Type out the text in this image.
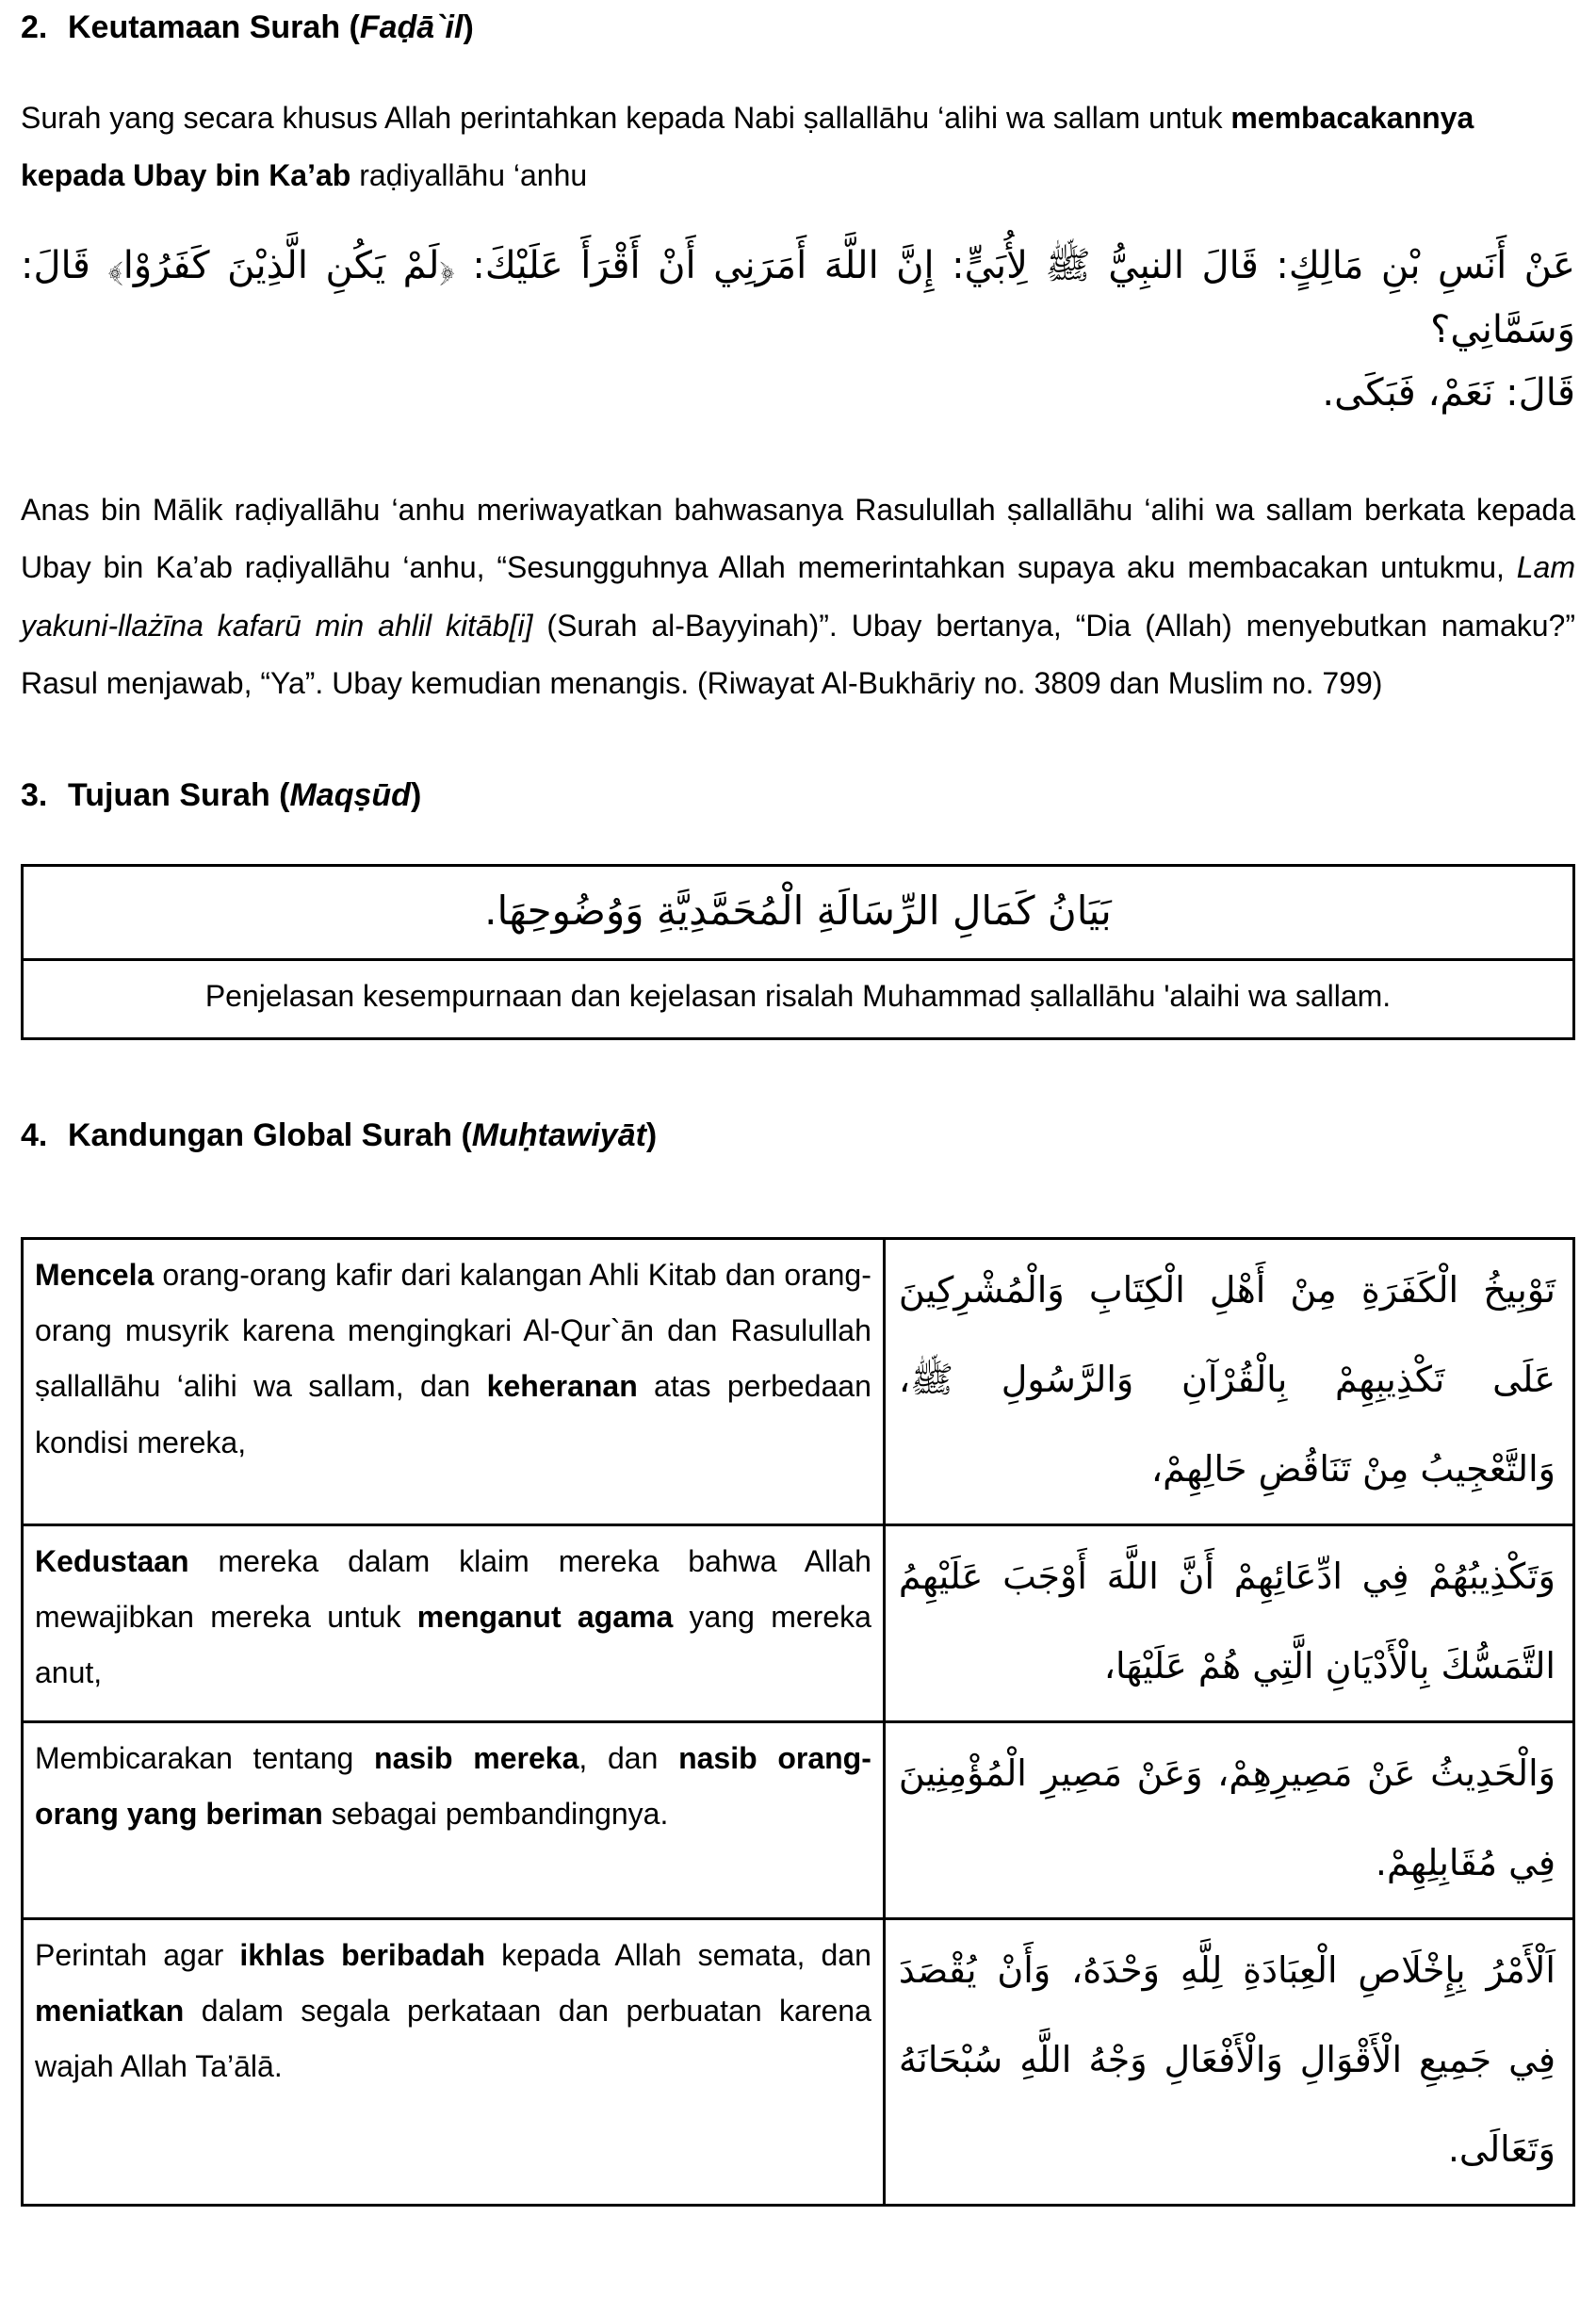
2. Keutamaan Surah (Faḍā`il)

Surah yang secara khusus Allah perintahkan kepada Nabi ṣallallāhu ‘alihi wa sallam untuk membacakannya kepada Ubay bin Ka’ab raḍiyallāhu ‘anhu

عَنْ أَنَسِ بْنِ مَالِكٍ: قَالَ النبِيُّ ﷺ لِأُبَيٍّ: إِنَّ اللَّهَ أَمَرَنِي أَنْ أَقْرَأَ عَلَيْكَ: ﴿لَمْ يَكُنِ الَّذِيْنَ كَفَرُوْا﴾ قَالَ: وَسَمَّانِي؟
قَالَ: نَعَمْ، فَبَكَى.

Anas bin Mālik raḍiyallāhu ‘anhu meriwayatkan bahwasanya Rasulullah ṣallallāhu ‘alihi wa sallam berkata kepada Ubay bin Ka’ab raḍiyallāhu ‘anhu, “Sesungguhnya Allah memerintahkan supaya aku membacakan untukmu, Lam yakuni-llażīna kafarū min ahlil kitāb[i] (Surah al-Bayyinah)”. Ubay bertanya, “Dia (Allah) menyebutkan namaku?” Rasul menjawab, “Ya”. Ubay kemudian menangis. (Riwayat Al-Bukhāriy no. 3809 dan Muslim no. 799)

3. Tujuan Surah (Maqṣūd)
بَيَانُ كَمَالِ الرِّسَالَةِ الْمُحَمَّدِيَّةِ وَوُضُوحِهَا.
Penjelasan kesempurnaan dan kejelasan risalah Muhammad ṣallallāhu 'alaihi wa sallam.
4. Kandungan Global Surah (Muḥtawiyāt)
Mencela orang-orang kafir dari kalangan Ahli Kitab dan orang-orang musyrik karena mengingkari Al-Qur`ān dan Rasulullah ṣallallāhu ‘alihi wa sallam, dan keheranan atas perbedaan kondisi mereka,	تَوْبِيخُ الْكَفَرَةِ مِنْ أَهْلِ الْكِتَابِ وَالْمُشْرِكِينَ عَلَى تَكْذِيبِهِمْ بِالْقُرْآنِ وَالرَّسُولِ ﷺ، وَالتَّعْجِيبُ مِنْ تَنَاقُضِ حَالِهِمْ،
Kedustaan mereka dalam klaim mereka bahwa Allah mewajibkan mereka untuk menganut agama yang mereka anut,	وَتَكْذِيبُهُمْ فِي ادِّعَائِهِمْ أَنَّ اللَّهَ أَوْجَبَ عَلَيْهِمُ التَّمَسُّكَ بِالْأَدْيَانِ الَّتِي هُمْ عَلَيْهَا،
Membicarakan tentang nasib mereka, dan nasib orang-orang yang beriman sebagai pembandingnya.	وَالْحَدِيثُ عَنْ مَصِيرِهِمْ، وَعَنْ مَصِيرِ الْمُؤْمِنِينَ فِي مُقَابِلِهِمْ.
Perintah agar ikhlas beribadah kepada Allah semata, dan meniatkan dalam segala perkataan dan perbuatan karena wajah Allah Ta’ālā.	اَلْأَمْرُ بِإِخْلَاصِ الْعِبَادَةِ لِلَّهِ وَحْدَهُ، وَأَنْ يُقْصَدَ فِي جَمِيعِ الْأَقْوَالِ وَالْأَفْعَالِ وَجْهُ اللَّهِ سُبْحَانَهُ وَتَعَالَى.
